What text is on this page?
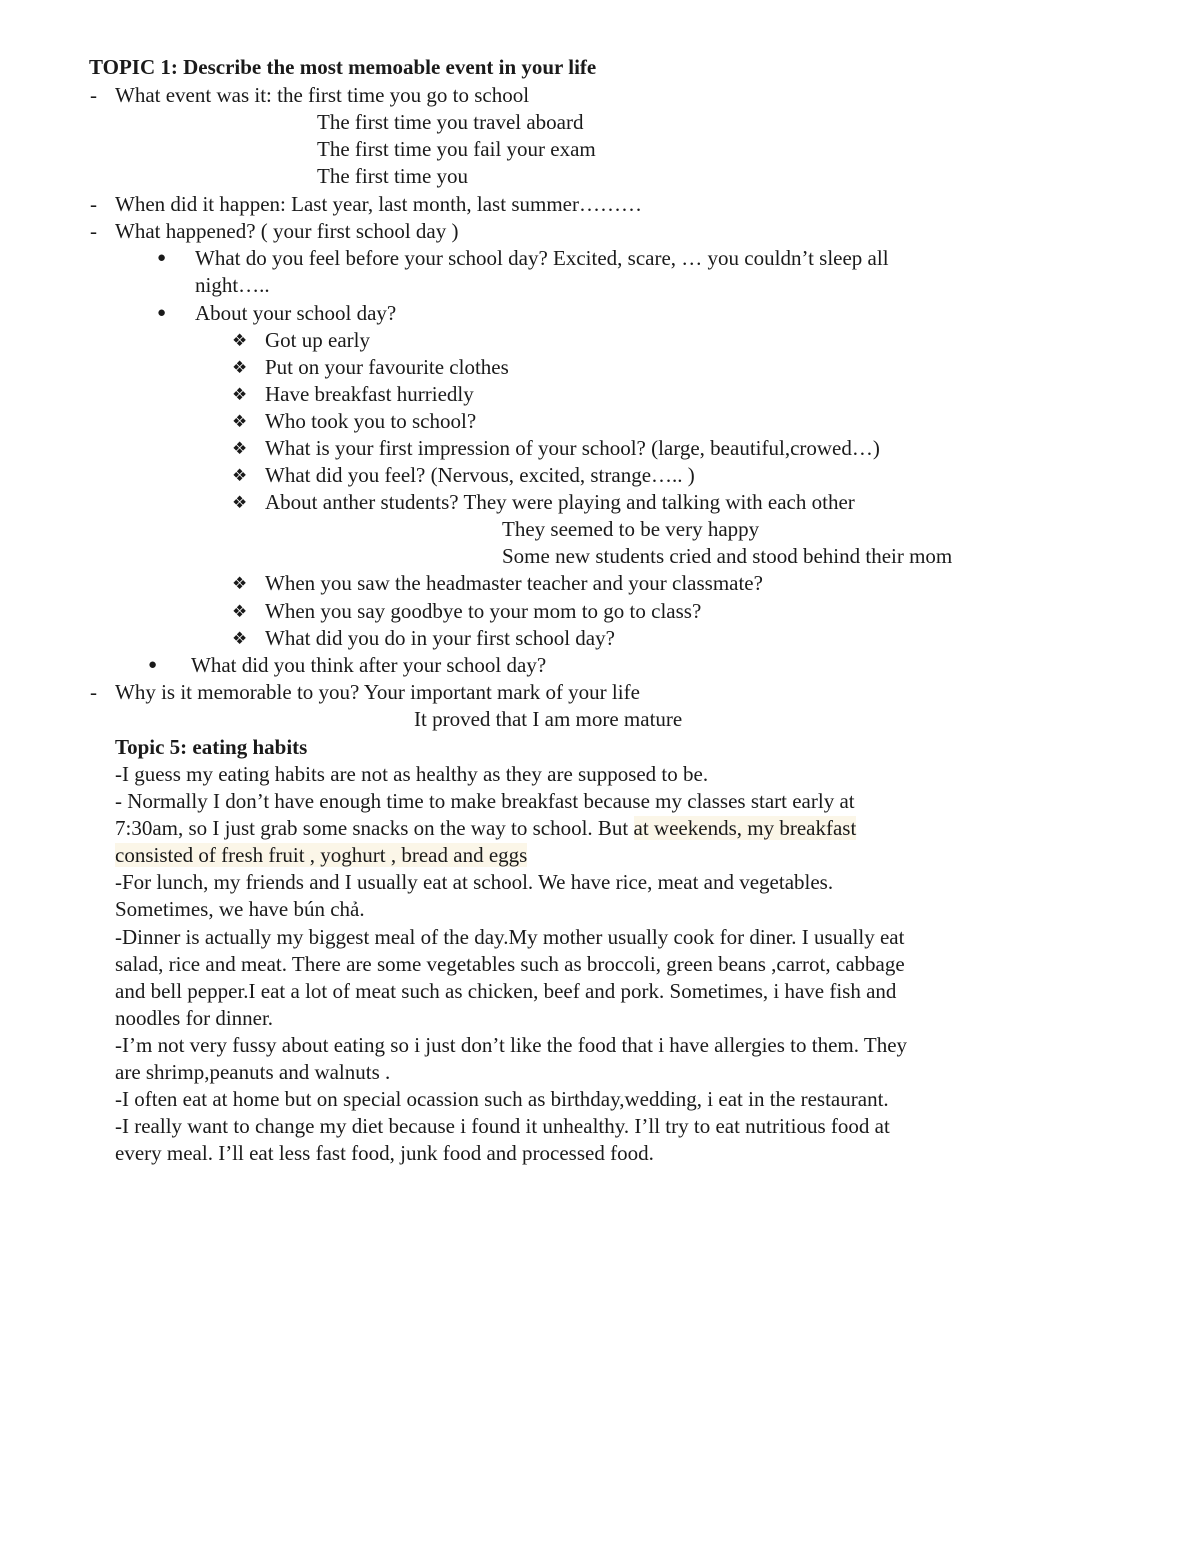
TOPIC 1: Describe the most memoable event in your life
- What event was it: the first time you go to school
The first time you travel aboard
The first time you fail your exam
The first time you
- When did it happen: Last year, last month, last summer………
- What happened? ( your first school day )
● What do you feel before your school day? Excited, scare, … you couldn’t sleep all
night…..
● About your school day?
❖ Got up early
❖ Put on your favourite clothes
❖ Have breakfast hurriedly
❖ Who took you to school?
❖ What is your first impression of your school? (large, beautiful,crowed…)
❖ What did you feel? (Nervous, excited, strange….. )
❖ About anther students? They were playing and talking with each other
They seemed to be very happy
Some new students cried and stood behind their mom
❖ When you saw the headmaster teacher and your classmate?
❖ When you say goodbye to your mom to go to class?
❖ What did you do in your first school day?
● What did you think after your school day?
- Why is it memorable to you? Your important mark of your life
It proved that I am more mature
Topic 5: eating habits
-I guess my eating habits are not as healthy as they are supposed to be.
- Normally I don’t have enough time to make breakfast because my classes start early at
7:30am, so I just grab some snacks on the way to school. But at weekends, my breakfast
consisted of fresh fruit , yoghurt , bread and eggs
-For lunch, my friends and I usually eat at school. We have rice, meat and vegetables.
Sometimes, we have bún chả.
-Dinner is actually my biggest meal of the day.My mother usually cook for diner. I usually eat
salad, rice and meat. There are some vegetables such as broccoli, green beans ,carrot, cabbage
and bell pepper.I eat a lot of meat such as chicken, beef and pork. Sometimes, i have fish and
noodles for dinner.
-I’m not very fussy about eating so i just don’t like the food that i have allergies to them. They
are shrimp,peanuts and walnuts .
-I often eat at home but on special ocassion such as birthday,wedding, i eat in the restaurant.
-I really want to change my diet because i found it unhealthy. I’ll try to eat nutritious food at
every meal. I’ll eat less fast food, junk food and processed food.
